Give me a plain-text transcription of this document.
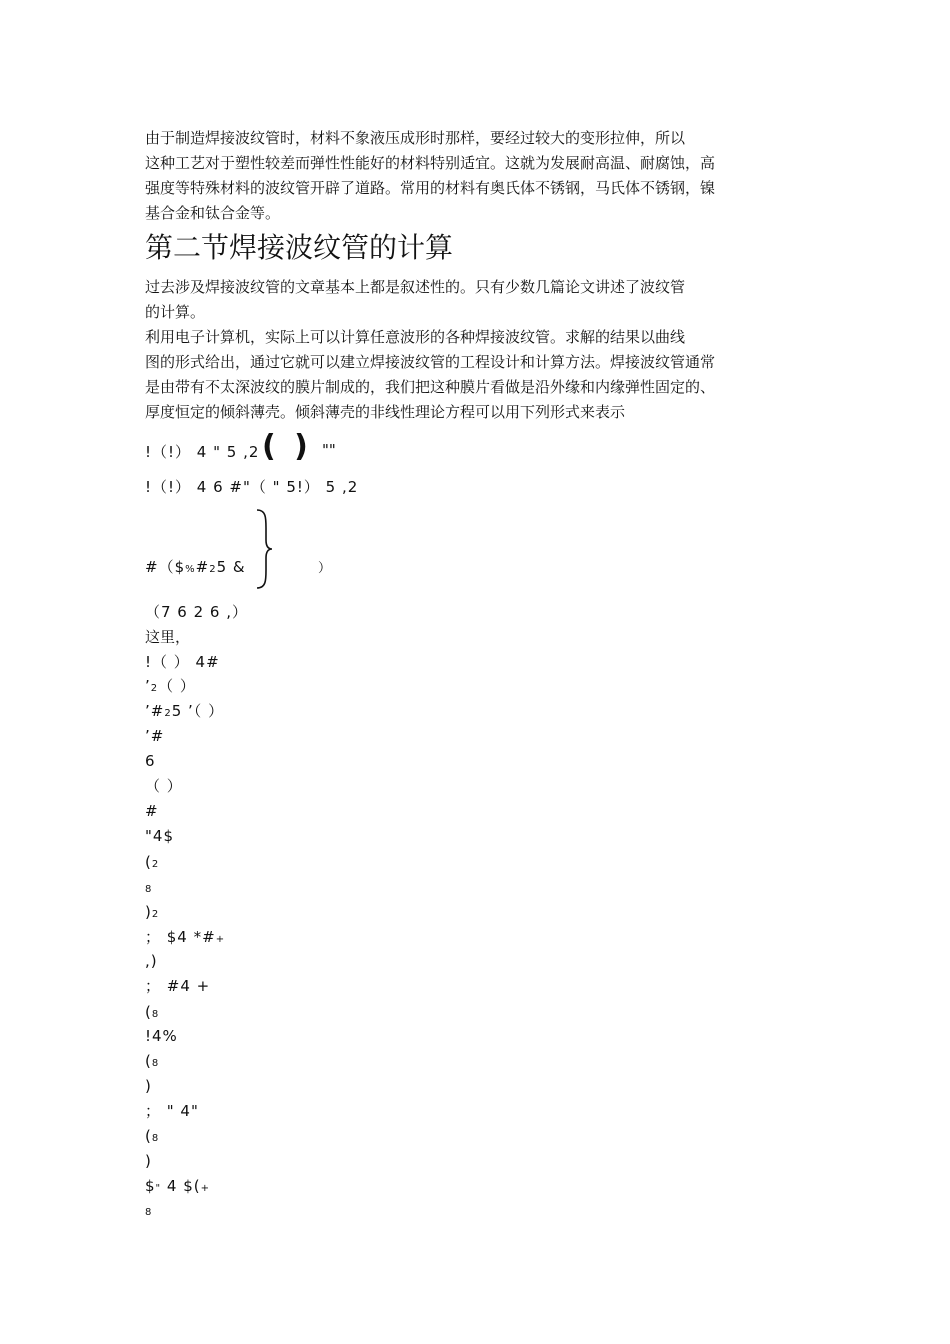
由于制造焊接波纹管时，材料不象液压成形时那样，要经过较大的变形拉伸，所以
这种工艺对于塑性较差而弹性性能好的材料特别适宜。这就为发展耐高温、耐腐蚀，高
强度等特殊材料的波纹管开辟了道路。常用的材料有奥氏体不锈钢，马氏体不锈钢，镍
基合金和钛合金等。
第二节焊接波纹管的计算
过去涉及焊接波纹管的文章基本上都是叙述性的。只有少数几篇论文讲述了波纹管
的计算。
利用电子计算机，实际上可以计算任意波形的各种焊接波纹管。求解的结果以曲线
图的形式给出，通过它就可以建立焊接波纹管的工程设计和计算方法。焊接波纹管通常
是由带有不太深波纹的膜片制成的，我们把这种膜片看做是沿外缘和内缘弹性固定的、
厚度恒定的倾斜薄壳。倾斜薄壳的非线性理论方程可以用下列形式来表示
!（!） 4 " 5 ,2 ( ) ""
!（!） 4 6 #"（ " 5!） 5 ,2
#（$%#25 &	）
（7 6 2 6 ,）
这里，
!（ ） 4#
’2（ ）
’#25 ’（ ）
’#
6
（ ）
#
"4$
(2
8
)2
； $4 *#+
,)
； #4 +
(8
!4%
(8
)
； " 4"
(8
)
$" 4 $(+
8
